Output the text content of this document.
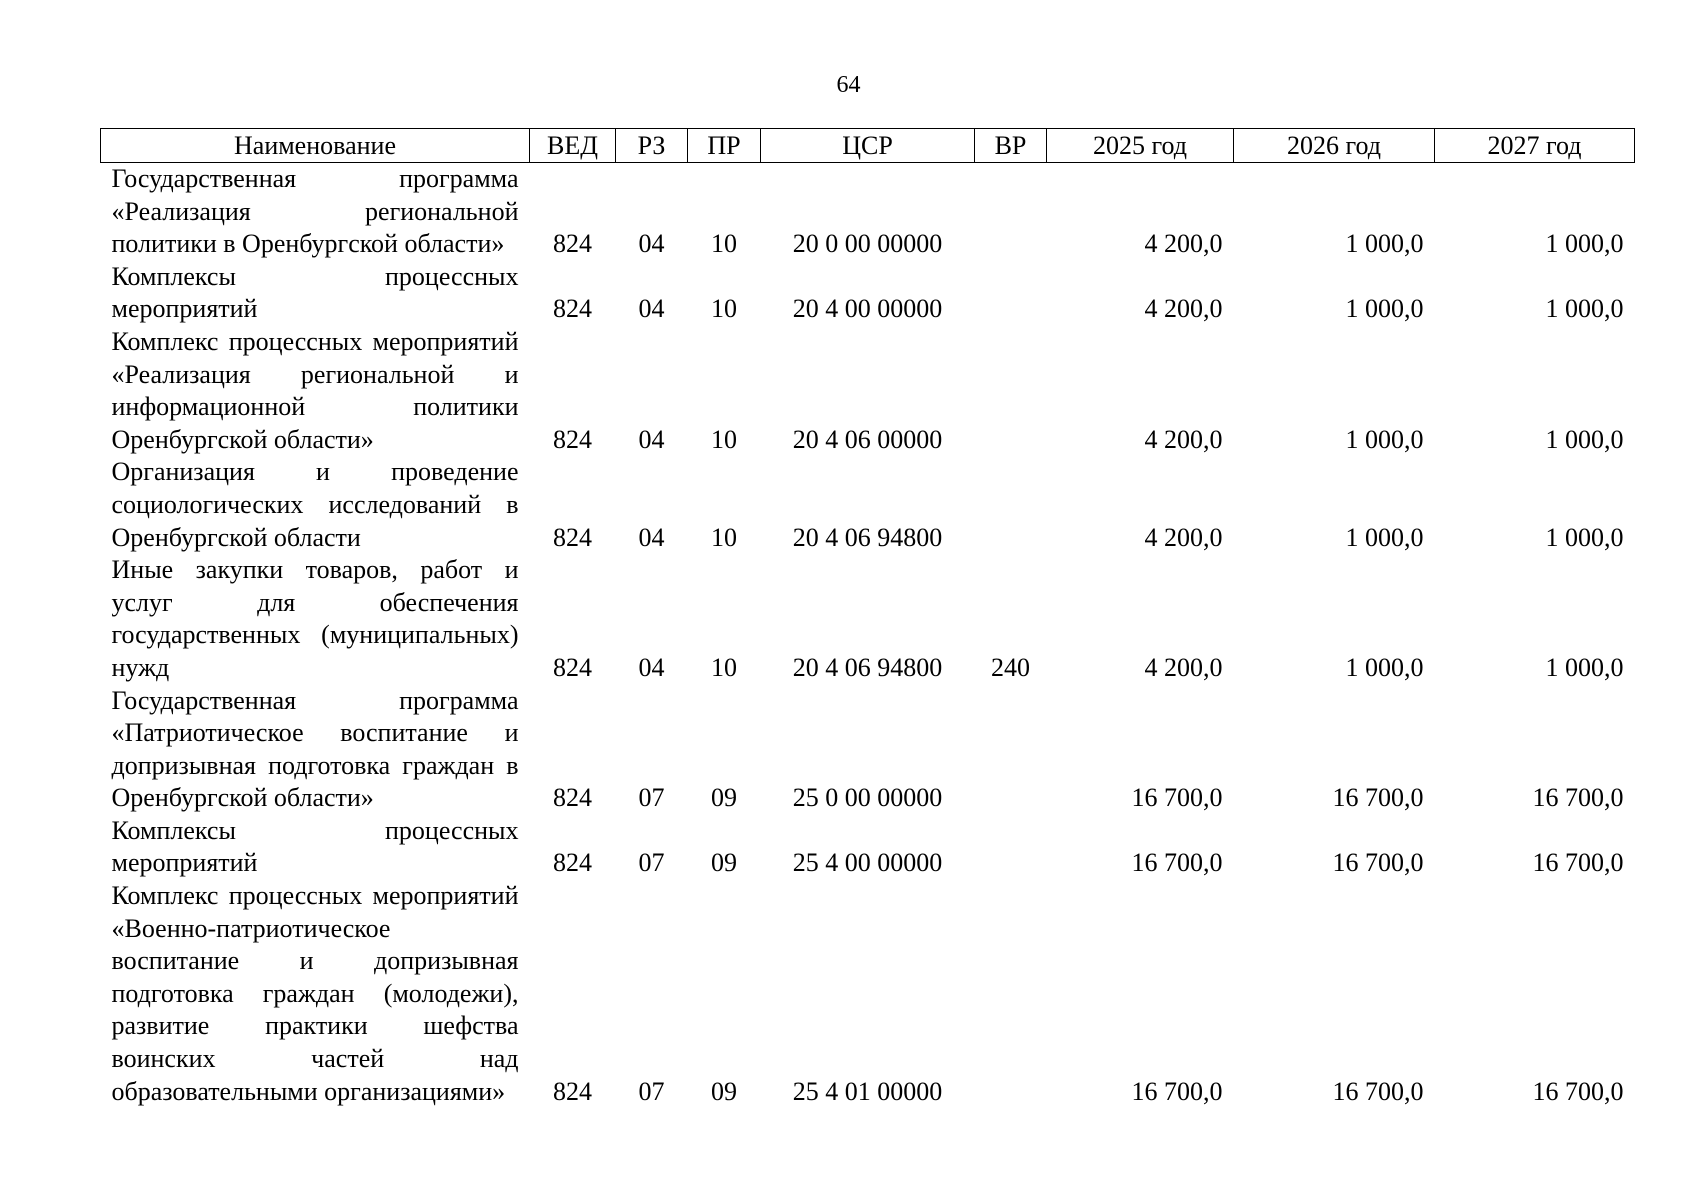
64
Наименование	ВЕД	РЗ	ПР	ЦСР	ВР	2025 год	2026 год	2027 год
Государственная программа «Реализация региональной политики в Оренбургской области»	824	04	10	20 0 00 00000		4 200,0	1 000,0	1 000,0
Комплексы процессных мероприятий	824	04	10	20 4 00 00000		4 200,0	1 000,0	1 000,0
Комплекс процессных мероприятий «Реализация региональной и информационной политики Оренбургской области»	824	04	10	20 4 06 00000		4 200,0	1 000,0	1 000,0
Организация и проведение социологических исследований в Оренбургской области	824	04	10	20 4 06 94800		4 200,0	1 000,0	1 000,0
Иные закупки товаров, работ и услуг для обеспечения государственных (муниципальных) нужд	824	04	10	20 4 06 94800	240	4 200,0	1 000,0	1 000,0
Государственная программа «Патриотическое воспитание и допризывная подготовка граждан в Оренбургской области»	824	07	09	25 0 00 00000		16 700,0	16 700,0	16 700,0
Комплексы процессных мероприятий	824	07	09	25 4 00 00000		16 700,0	16 700,0	16 700,0
Комплекс процессных мероприятий «Военно-патриотическое воспитание и допризывная подготовка граждан (молодежи), развитие практики шефства воинских частей над образовательными организациями»	824	07	09	25 4 01 00000		16 700,0	16 700,0	16 700,0
